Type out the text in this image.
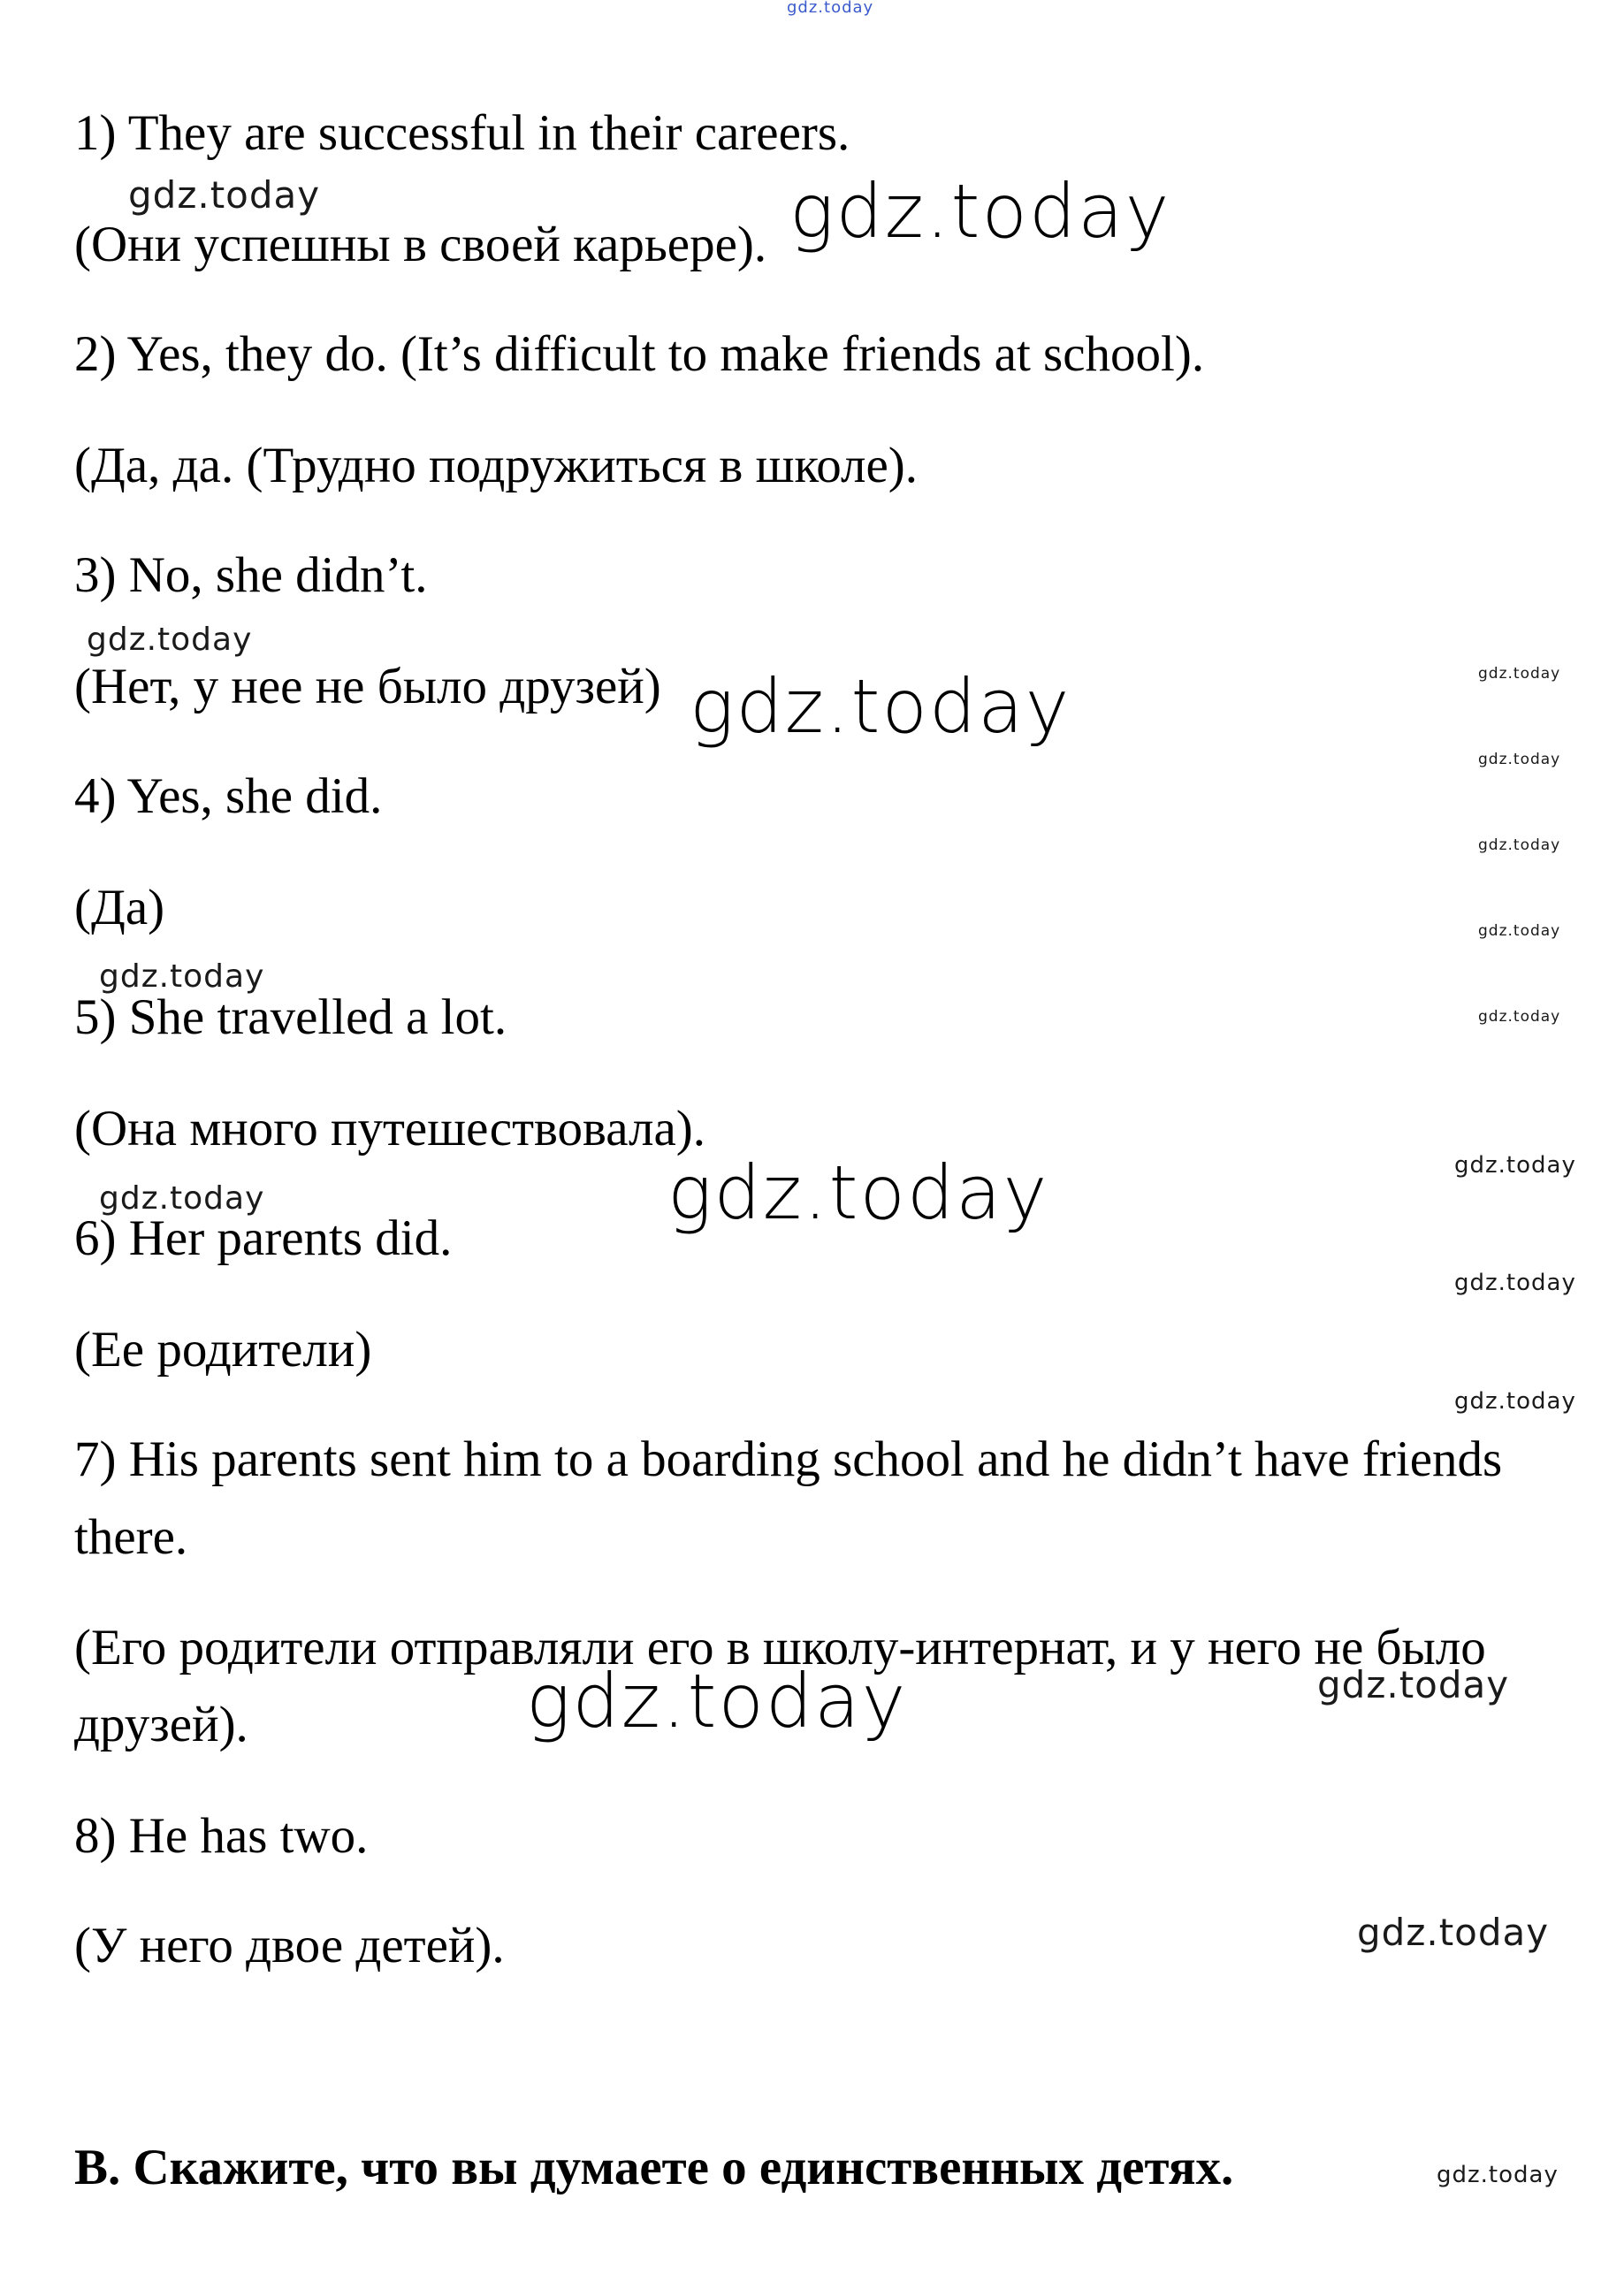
gdz.today
1) They are successful in their careers.
(Они успешны в своей карьере).
2) Yes, they do. (It’s difficult to make friends at school).
(Да, да. (Трудно подружиться в школе).
3) No, she didn’t.
(Нет, у нее не было друзей)
4) Yes, she did.
(Да)
5) She travelled a lot.
(Она много путешествовала).
6) Her parents did.
(Ее родители)
7) His parents sent him to a boarding school and he didn’t have friends
there.
(Его родители отправляли его в школу-интернат, и у него не было
друзей).
8) He has two.
(У него двое детей).
B. Скажите, что вы думаете о единственных детях.
gdz.today
gdz.today
gdz.today
gdz.today
gdz.today
gdz.today
gdz.today
gdz.today
gdz.today
gdz.today
gdz.today
gdz.today
gdz.today
gdz.today
gdz.today
gdz.today
gdz.today
gdz.today
gdz.today
